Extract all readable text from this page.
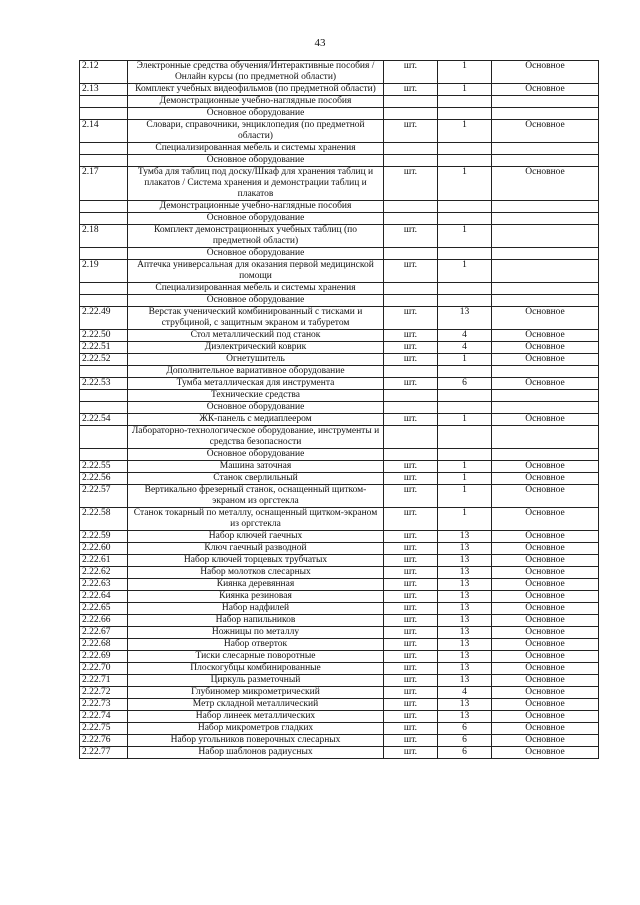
43
2.12	Электронные средства обучения/Интерактивные пособия / Онлайн курсы (по предметной области)	шт.	1	Основное
2.13	Комплект учебных видеофильмов (по предметной области)	шт.	1	Основное
	Демонстрационные учебно-наглядные пособия			
	Основное оборудование			
2.14	Словари, справочники, энциклопедия (по предметной области)	шт.	1	Основное
	Специализированная мебель и системы хранения			
	Основное оборудование			
2.17	Тумба для таблиц под доску/Шкаф для хранения таблиц и плакатов / Система хранения и демонстрации таблиц и плакатов	шт.	1	Основное
	Демонстрационные учебно-наглядные пособия			
	Основное оборудование			
2.18	Комплект демонстрационных учебных таблиц (по предметной области)	шт.	1	
	Основное оборудование			
2.19	Аптечка универсальная для оказания первой медицинской помощи	шт.	1	
	Специализированная мебель и системы хранения			
	Основное оборудование			
2.22.49	Верстак ученический комбинированный с тисками и струбциной, с защитным экраном и табуретом	шт.	13	Основное
2.22.50	Стол металлический под станок	шт.	4	Основное
2.22.51	Диэлектрический коврик	шт.	4	Основное
2.22.52	Огнетушитель	шт.	1	Основное
	Дополнительное вариативное оборудование			
2.22.53	Тумба металлическая для инструмента	шт.	6	Основное
	Технические средства			
	Основное оборудование			
2.22.54	ЖК-панель с медиаплеером	шт.	1	Основное
	Лабораторно-технологическое оборудование, инструменты и средства безопасности			
	Основное оборудование			
2.22.55	Машина заточная	шт.	1	Основное
2.22.56	Станок сверлильный	шт.	1	Основное
2.22.57	Вертикально фрезерный станок, оснащенный щитком-экраном из оргстекла	шт.	1	Основное
2.22.58	Станок токарный по металлу, оснащенный щитком-экраном из оргстекла	шт.	1	Основное
2.22.59	Набор ключей гаечных	шт.	13	Основное
2.22.60	Ключ гаечный разводной	шт.	13	Основное
2.22.61	Набор ключей торцевых трубчатых	шт.	13	Основное
2.22.62	Набор молотков слесарных	шт.	13	Основное
2.22.63	Киянка деревянная	шт.	13	Основное
2.22.64	Киянка резиновая	шт.	13	Основное
2.22.65	Набор надфилей	шт.	13	Основное
2.22.66	Набор напильников	шт.	13	Основное
2.22.67	Ножницы по металлу	шт.	13	Основное
2.22.68	Набор отверток	шт.	13	Основное
2.22.69	Тиски слесарные поворотные	шт.	13	Основное
2.22.70	Плоскогубцы комбинированные	шт.	13	Основное
2.22.71	Циркуль разметочный	шт.	13	Основное
2.22.72	Глубиномер микрометрический	шт.	4	Основное
2.22.73	Метр складной металлический	шт.	13	Основное
2.22.74	Набор линеек металлических	шт.	13	Основное
2.22.75	Набор микрометров гладких	шт.	6	Основное
2.22.76	Набор угольников поверочных слесарных	шт.	6	Основное
2.22.77	Набор шаблонов радиусных	шт.	6	Основное
